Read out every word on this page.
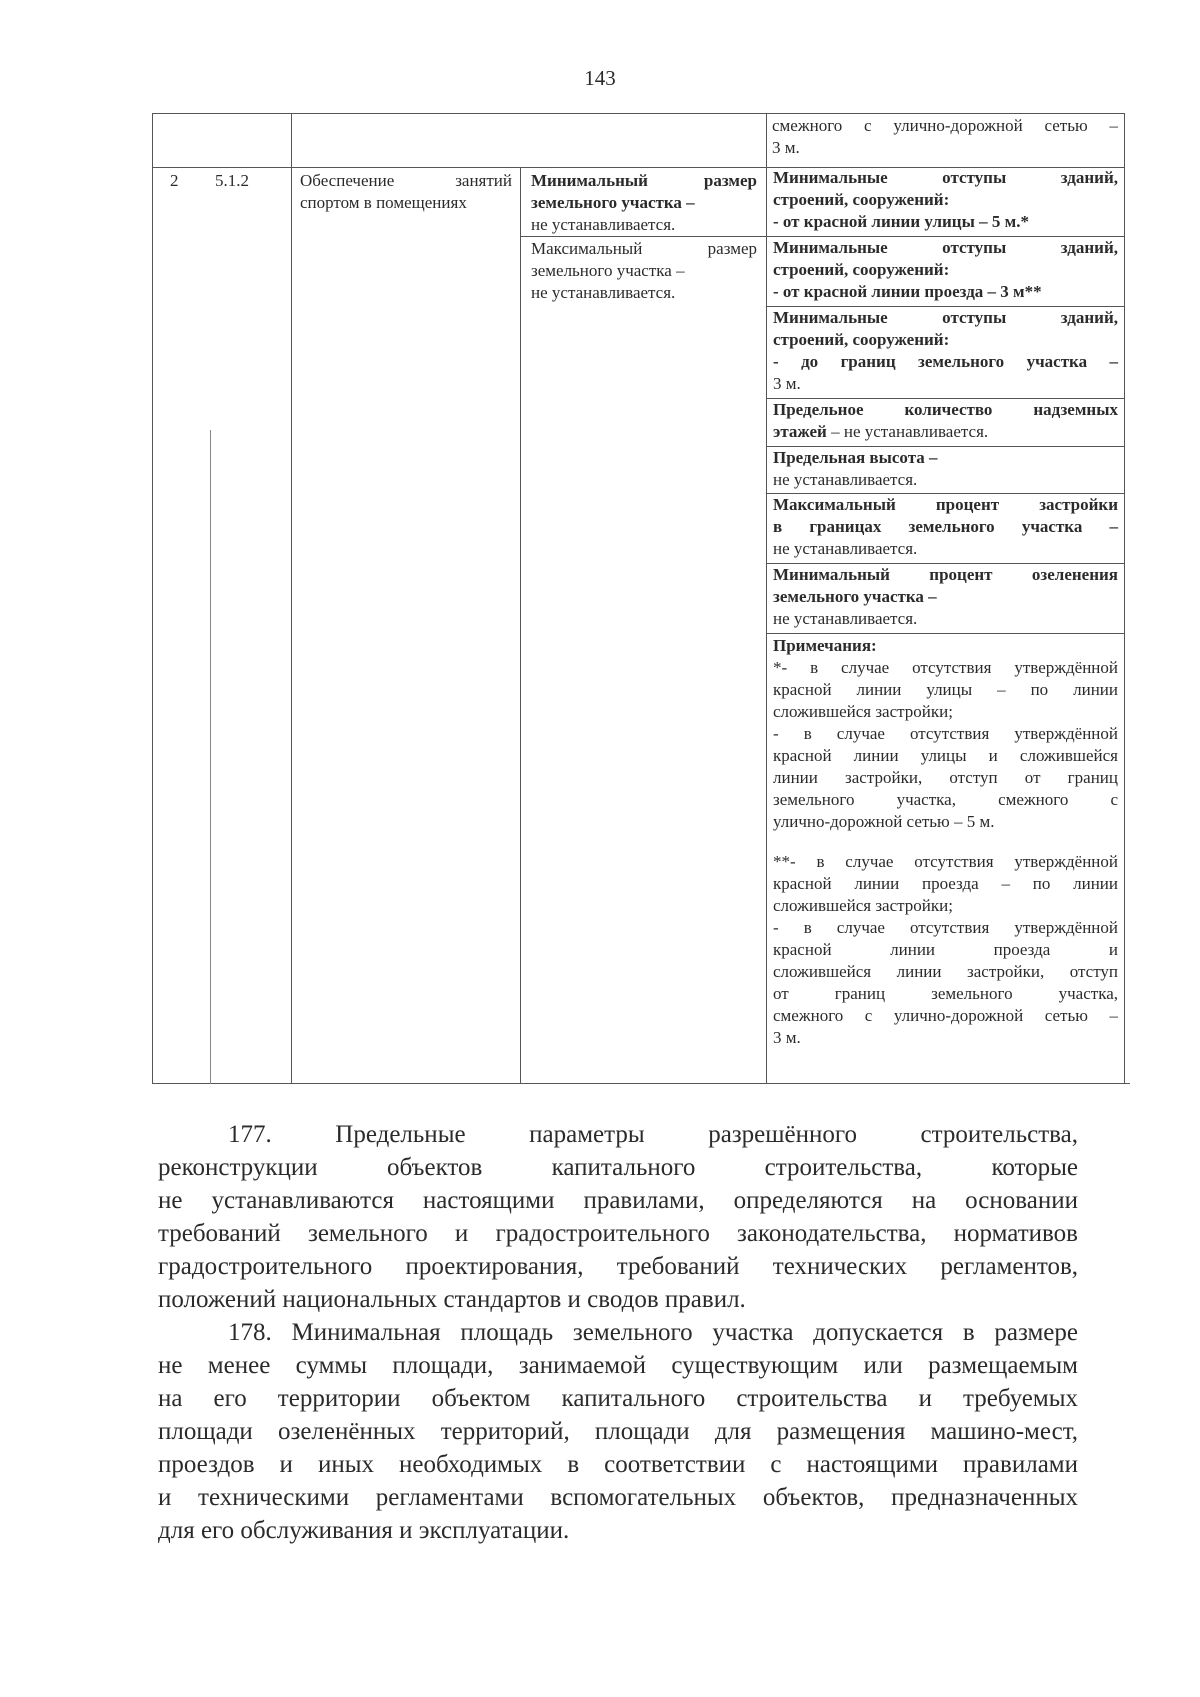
143
смежного с улично-дорожной сетью –
3 м.
2 5.1.2	Обеспечение занятий
спортом в помещениях
Минимальный размер
земельного участка –
не устанавливается.
Максимальный размер
земельного участка –
не устанавливается.
Минимальные отступы зданий,
строений, сооружений:
- от красной линии улицы – 5 м.*
Минимальные отступы зданий,
строений, сооружений:
- от красной линии проезда – 3 м**
Минимальные отступы зданий,
строений, сооружений:
- до границ земельного участка –
3 м.
Предельное количество надземных
этажей – не устанавливается.
Предельная высота –
не устанавливается.
Максимальный процент застройки
в границах земельного участка –
не устанавливается.
Минимальный процент озеленения
земельного участка –
не устанавливается.
Примечания:
*- в случае отсутствия утверждённой
красной линии улицы – по линии
сложившейся застройки;
- в случае отсутствия утверждённой
красной линии улицы и сложившейся
линии застройки, отступ от границ
земельного участка, смежного с
улично-дорожной сетью – 5 м.
**- в случае отсутствия утверждённой
красной линии проезда – по линии
сложившейся застройки;
- в случае отсутствия утверждённой
красной линии проезда и
сложившейся линии застройки, отступ
от границ земельного участка,
смежного с улично-дорожной сетью –
3 м.

177. Предельные параметры разрешённого строительства,

реконструкции объектов капитального строительства, которые

не устанавливаются настоящими правилами, определяются на основании

требований земельного и градостроительного законодательства, нормативов

градостроительного проектирования, требований технических регламентов,

положений национальных стандартов и сводов правил.

178. Минимальная площадь земельного участка допускается в размере

не менее суммы площади, занимаемой существующим или размещаемым

на его территории объектом капитального строительства и требуемых

площади озеленённых территорий, площади для размещения машино-мест,

проездов и иных необходимых в соответствии с настоящими правилами

и техническими регламентами вспомогательных объектов, предназначенных

для его обслуживания и эксплуатации.
